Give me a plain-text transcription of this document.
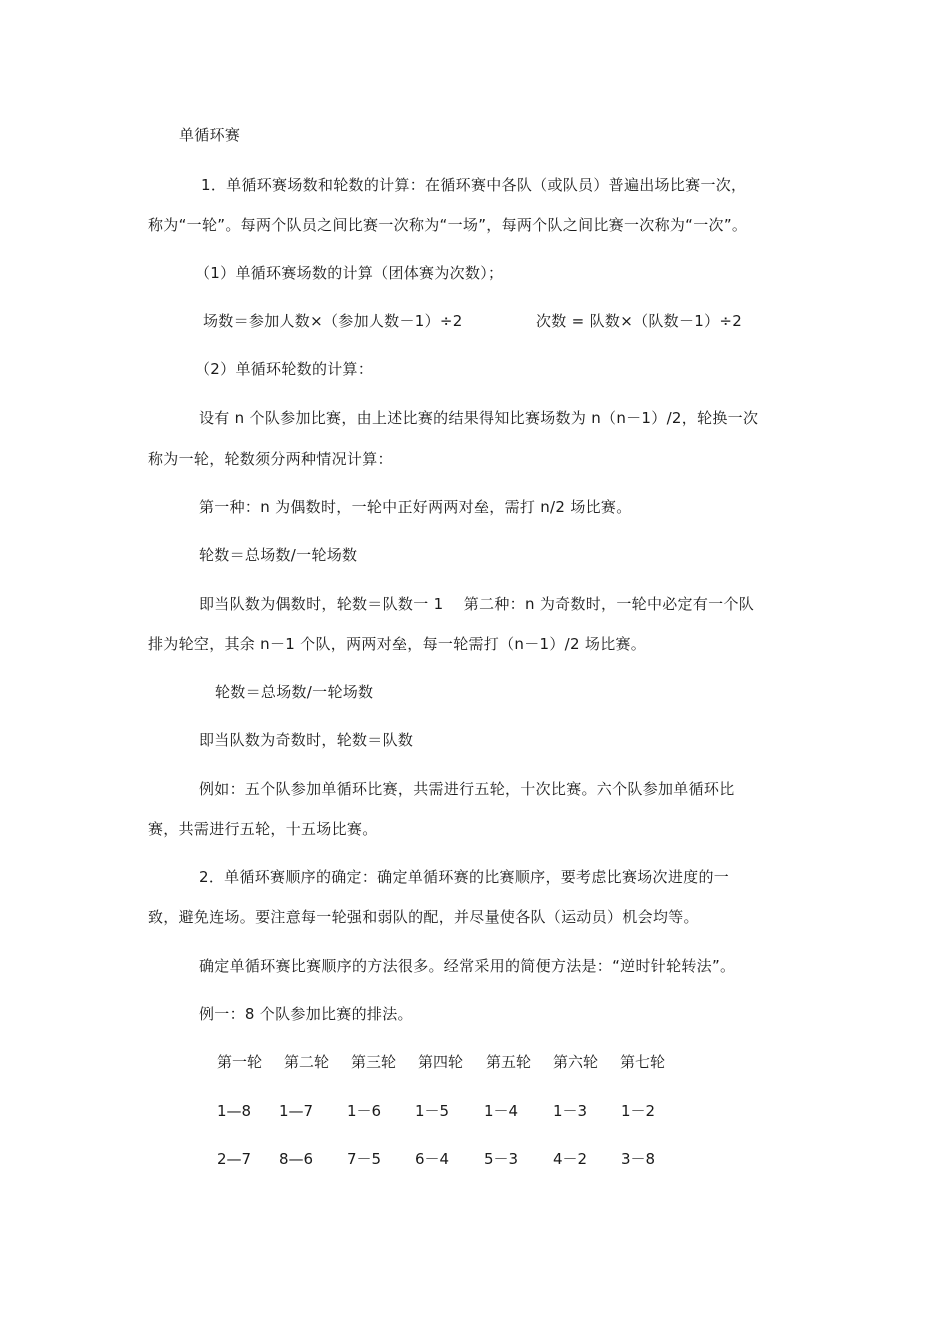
单循环赛
1．单循环赛场数和轮数的计算：在循环赛中各队（或队员）普遍出场比赛一次，
称为“一轮”。每两个队员之间比赛一次称为“一场”，每两个队之间比赛一次称为“一次”。
（1）单循环赛场数的计算（团体赛为次数）；
场数＝参加人数×（参加人数－1）÷2	次数 = 队数×（队数－1）÷2
（2）单循环轮数的计算：
设有 n 个队参加比赛，由上述比赛的结果得知比赛场数为 n（n－1）/2，轮换一次
称为一轮，轮数须分两种情况计算：
第一种：n 为偶数时，一轮中正好两两对垒，需打 n/2 场比赛。
轮数＝总场数/一轮场数
即当队数为偶数时，轮数＝队数一 1　 第二种：n 为奇数时，一轮中必定有一个队
排为轮空，其余 n－1 个队，两两对垒，每一轮需打（n－1）/2 场比赛。
轮数＝总场数/一轮场数
即当队数为奇数时，轮数＝队数
例如：五个队参加单循环比赛，共需进行五轮，十次比赛。六个队参加单循环比
赛，共需进行五轮，十五场比赛。
2．单循环赛顺序的确定：确定单循环赛的比赛顺序，要考虑比赛场次进度的一
致，避免连场。要注意每一轮强和弱队的配，并尽量使各队（运动员）机会均等。
确定单循环赛比赛顺序的方法很多。经常采用的简便方法是：“逆时针轮转法”。
例一：8 个队参加比赛的排法。
第一轮 第二轮 第三轮 第四轮 第五轮 第六轮 第七轮
1—8 1—7 1－6 1－5 1－4 1－3 1－2
2—7 8—6 7－5 6－4 5－3 4－2 3－8
